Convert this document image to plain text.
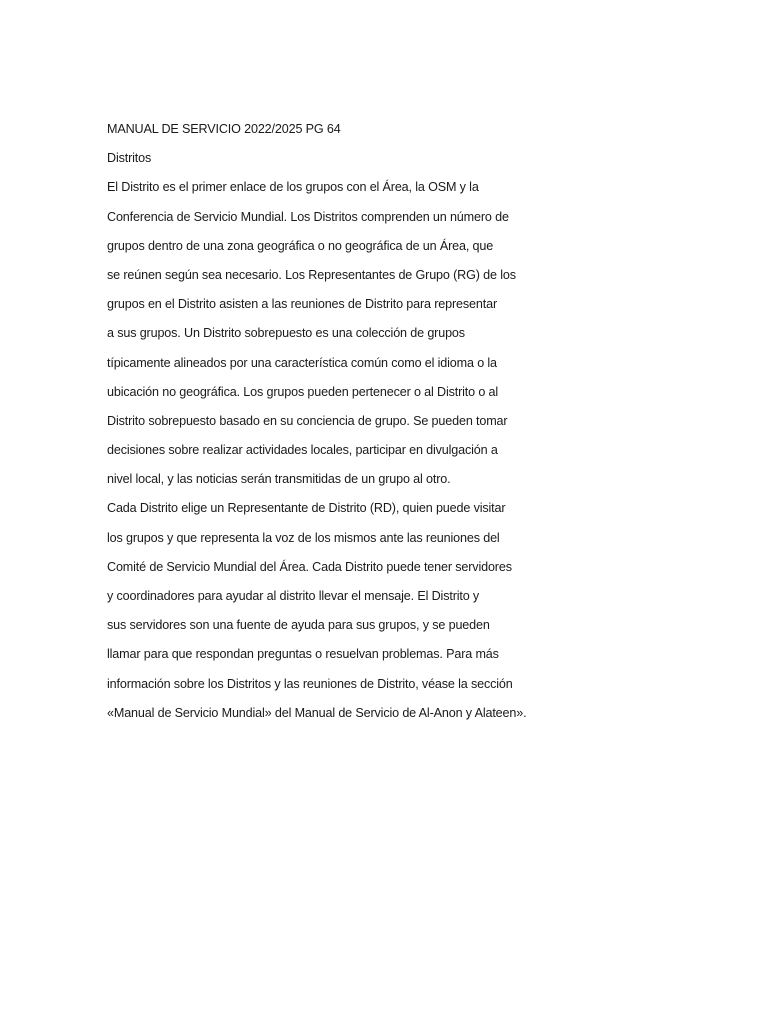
MANUAL DE SERVICIO 2022/2025 PG 64
Distritos
El Distrito es el primer enlace de los grupos con el Área, la OSM y la
Conferencia de Servicio Mundial. Los Distritos comprenden un número de
grupos dentro de una zona geográfica o no geográfica de un Área, que
se reúnen según sea necesario. Los Representantes de Grupo (RG) de los
grupos en el Distrito asisten a las reuniones de Distrito para representar
a sus grupos. Un Distrito sobrepuesto es una colección de grupos
típicamente alineados por una característica común como el idioma o la
ubicación no geográfica. Los grupos pueden pertenecer o al Distrito o al
Distrito sobrepuesto basado en su conciencia de grupo. Se pueden tomar
decisiones sobre realizar actividades locales, participar en divulgación a
nivel local, y las noticias serán transmitidas de un grupo al otro.
Cada Distrito elige un Representante de Distrito (RD), quien puede visitar
los grupos y que representa la voz de los mismos ante las reuniones del
Comité de Servicio Mundial del Área. Cada Distrito puede tener servidores
y coordinadores para ayudar al distrito llevar el mensaje. El Distrito y
sus servidores son una fuente de ayuda para sus grupos, y se pueden
llamar para que respondan preguntas o resuelvan problemas. Para más
información sobre los Distritos y las reuniones de Distrito, véase la sección
«Manual de Servicio Mundial» del Manual de Servicio de Al-Anon y Alateen».
